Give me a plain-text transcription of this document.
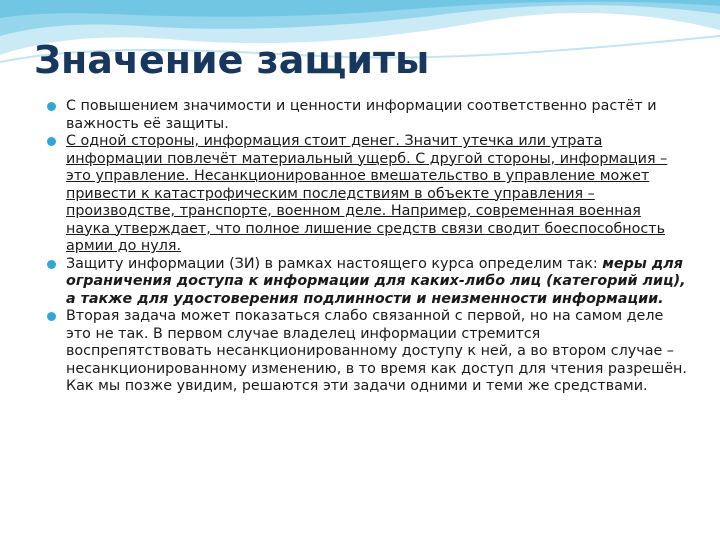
Значение защиты
С повышением значимости и ценности информации соответственно растёт и важность её защиты.
С одной стороны, информация стоит денег. Значит утечка или утрата информации повлечёт материальный ущерб. С другой стороны, информация – это управление. Несанкционированное вмешательство в управление может привести к катастрофическим последствиям в объекте управления – производстве, транспорте, военном деле. Например, современная военная наука утверждает, что полное лишение средств связи сводит боеспособность армии до нуля.
Защиту информации (ЗИ) в рамках настоящего курса определим так: меры для ограничения доступа к информации для каких-либо лиц (категорий лиц), а также для удостоверения подлинности и неизменности информации.
Вторая задача может показаться слабо связанной с первой, но на самом деле это не так. В первом случае владелец информации стремится воспрепятствовать несанкционированному доступу к ней, а во втором случае – несанкционированному изменению, в то время как доступ для чтения разрешён. Как мы позже увидим, решаются эти задачи одними и теми же средствами.
